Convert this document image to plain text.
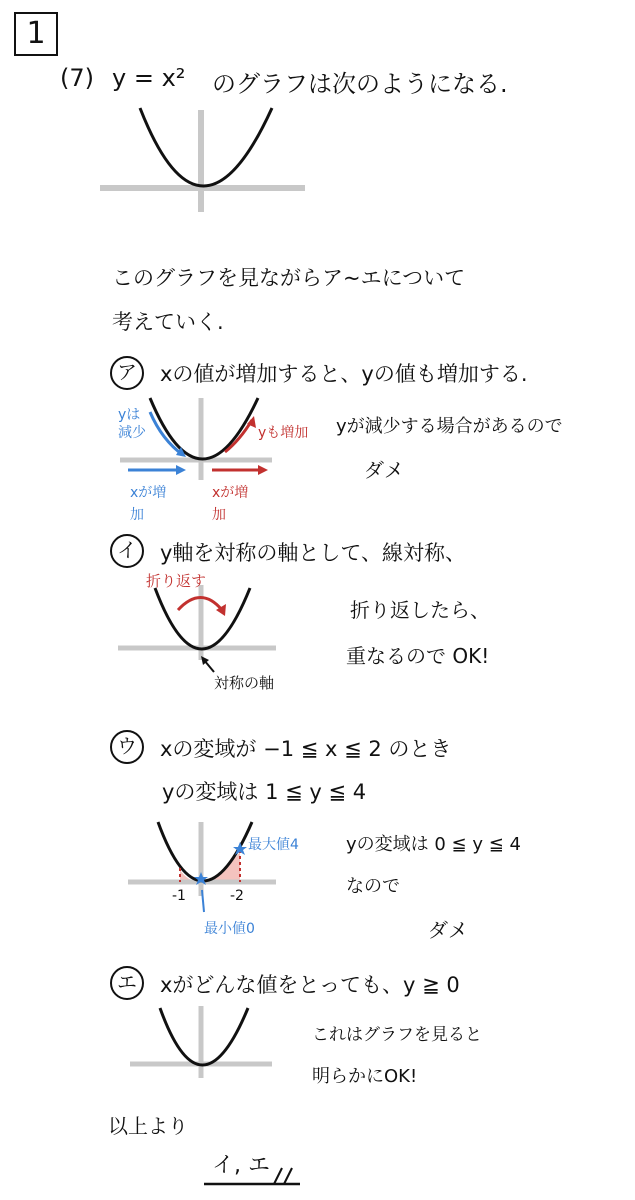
1
(7) y = x² のグラフは次のようになる.
このグラフを見ながらア~エについて
考えていく.
ア	xの値が増加すると、yの値も増加する.
yは減少	yも増加
xが増加
xが増加
yが減少する場合があるので
ダメ
イ	y軸を対称の軸として、線対称、
折り返す
対称の軸
折り返したら、
重なるので OK!
ウ	xの変域が −1 ≦ x ≦ 2 のとき
yの変域は 1 ≦ y ≦ 4
最大値4
-1	-2
最小値0
yの変域は 0 ≦ y ≦ 4
なので
ダメ
エ	xがどんな値をとっても、y ≧ 0
これはグラフを見ると
明らかにOK!
以上より
イ, エ
